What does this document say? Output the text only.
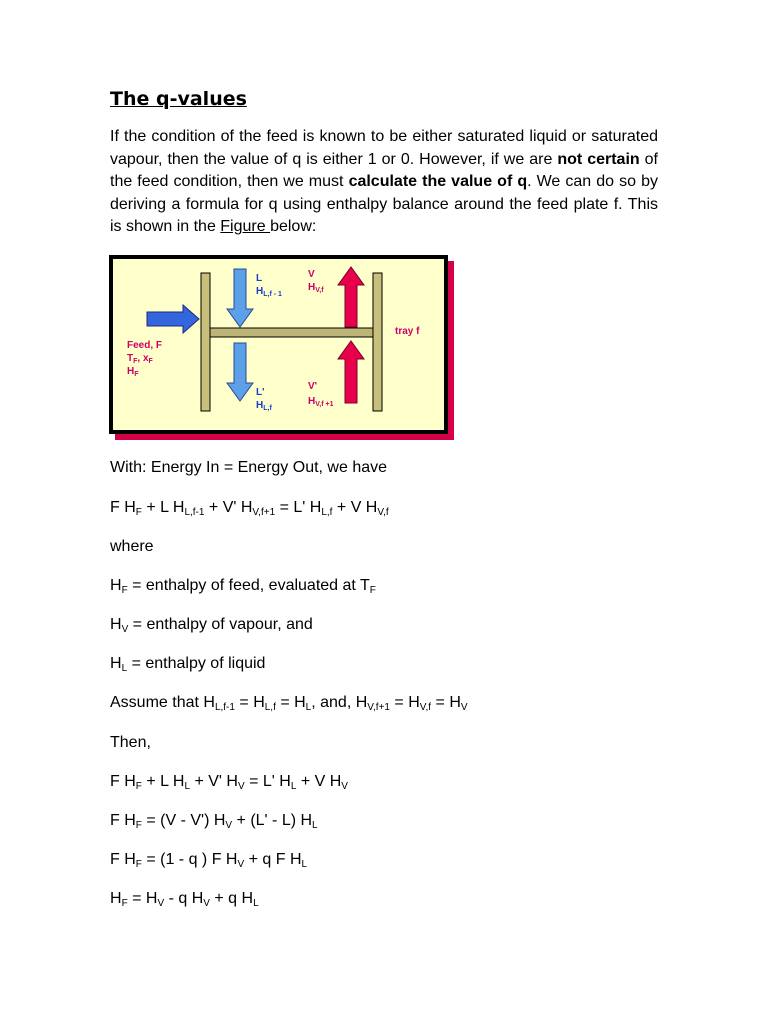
The q-values
If the condition of the feed is known to be either saturated liquid or saturated vapour, then the value of q is either 1 or 0. However, if we are not certain of the feed condition, then we must calculate the value of q. We can do so by deriving a formula for q using enthalpy balance around the feed plate f. This is shown in the Figure below:
Feed, F
$T_F$, $x_F$
$H_F$
L
$H_{L,f - 1}$
L'
$H_{L,f}$
V
$H_{V,f}$
V'
$H_{V,f +1}$
tray f
With: Energy In = Energy Out, we have
F $H_F + L$ $H_{L,f-1} + V'$ $H_{V,f+1} = L'$ $H_{L,f} + V$ $H_{V,f}$
where
$H_F$ = enthalpy of feed, evaluated at $T_F$
$H_V$ = enthalpy of vapour, and
$H_L$ = enthalpy of liquid
Assume that $H_{L,f-1} = H_{L,f} = H_L$, and, $H_{V,f+1} = H_{V,f} = H_V$
Then,
F $H_F + L$ $H_L + V'$ $H_V = L'$ $H_L + V$ $H_V$
F $H_F = (V - V') H_V + (L' - L)$ $H_L$
F $H_F = (1 - q$ ) F $H_V + q$ F $H_L$
$H_F = H_V - q$ $H_V + q$ $H_L$
